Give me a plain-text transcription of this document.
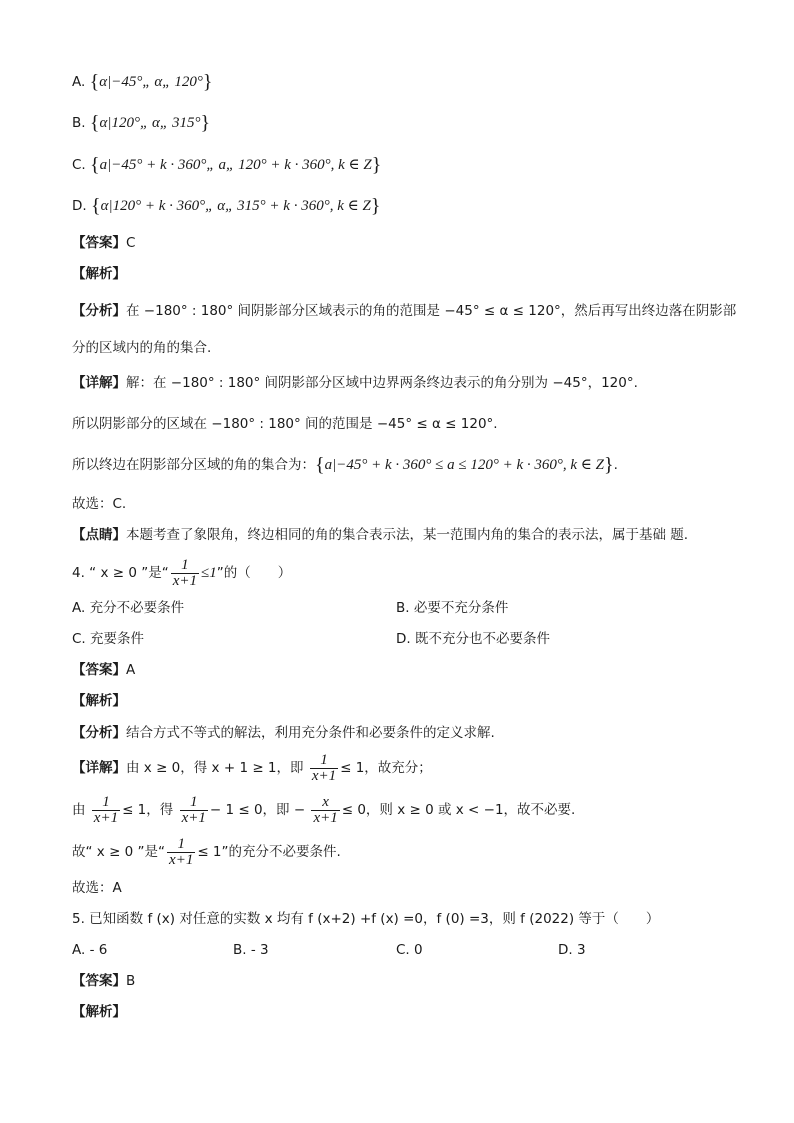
A. {α|−45°„ α„ 120°}
B. {α|120°„ α„ 315°}
C. {a|−45° + k · 360°„ a„ 120° + k · 360°, k ∈ Z}
D. {α|120° + k · 360°„ α„ 315° + k · 360°, k ∈ Z}
【答案】C
【解析】
【分析】在 −180° : 180° 间阴影部分区域表示的角的范围是 −45° ≤ α ≤ 120°，然后再写出终边落在阴影部
分的区域内的角的集合.
【详解】解：在 −180° : 180° 间阴影部分区域中边界两条终边表示的角分别为 −45°，120°.
所以阴影部分的区域在 −180° : 180° 间的范围是 −45° ≤ α ≤ 120°.
所以终边在阴影部分区域的角的集合为：{a|−45° + k · 360° ≤ a ≤ 120° + k · 360°, k ∈ Z}.
故选：C.
【点睛】本题考查了象限角，终边相同的角的集合表示法，某一范围内角的集合的表示法，属于基础 题.
4. “ x ≥ 0 ”是“ $\frac{1}{x+1} \le 1$”的（　　）
A. 充分不必要条件	B. 必要不充分条件
C. 充要条件	D. 既不充分也不必要条件
【答案】A
【解析】
【分析】结合方式不等式的解法，利用充分条件和必要条件的定义求解.
【详解】由 x ≥ 0，得 x + 1 ≥ 1，即 $\frac{1}{x+1} \le 1$，故充分；
由 $\frac{1}{x+1} \le 1$，得 $\frac{1}{x+1} - 1 \le 0$，即 − $\frac{x}{x+1} \le 0$，则 x ≥ 0 或 x < −1，故不必要.
故“ x ≥ 0 ”是“ $\frac{1}{x+1} \le 1$”的充分不必要条件.
故选：A
5. 已知函数 f (x) 对任意的实数 x 均有 f (x+2) +f (x) =0，f (0) =3，则 f (2022) 等于（　　）
A. - 6	B. - 3	C. 0	D. 3
【答案】B
【解析】
